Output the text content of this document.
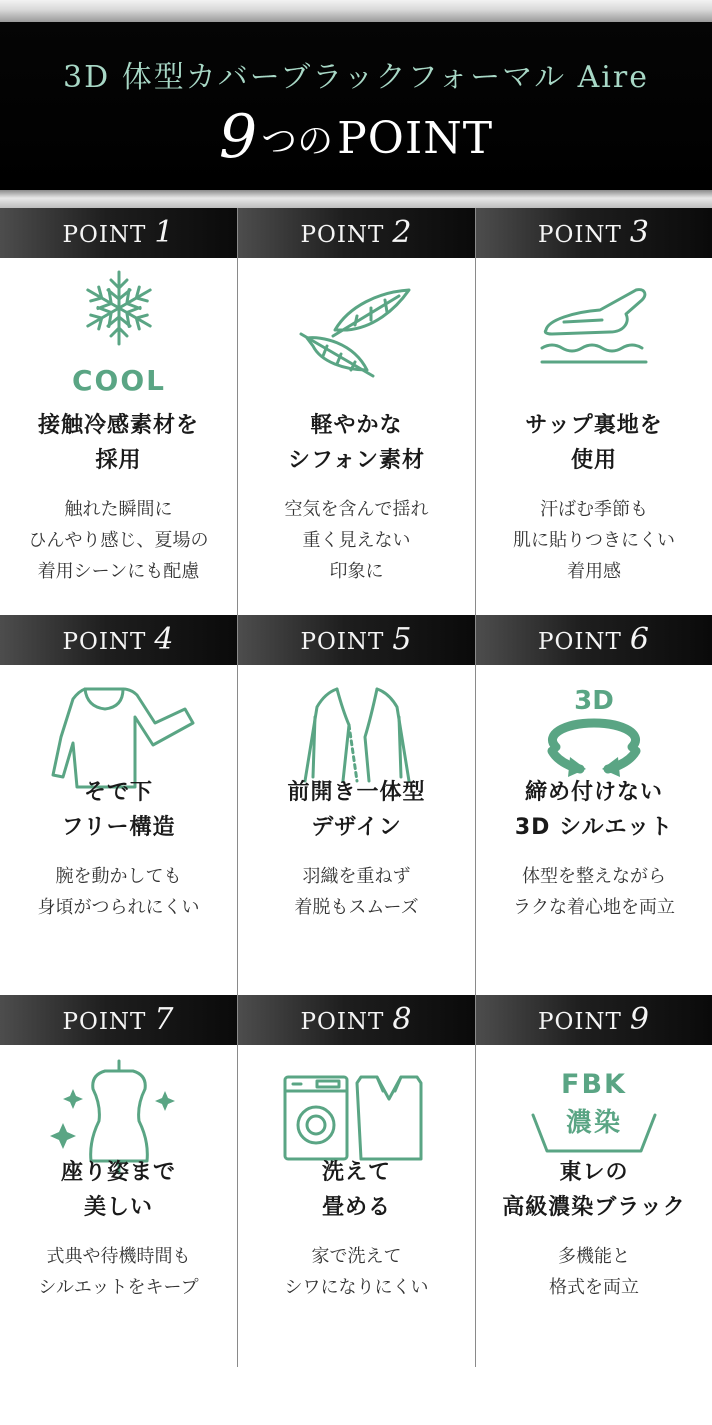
3D 体型カバーブラックフォーマル Aire
9 つのPOINT
POINT 1
COOL
接触冷感素材を
採用
触れた瞬間に
ひんやり感じ、夏場の
着用シーンにも配慮
POINT 2
軽やかな
シフォン素材
空気を含んで揺れ
重く見えない
印象に
POINT 3
サップ裏地を
使用
汗ばむ季節も
肌に貼りつきにくい
着用感
POINT 4
そで下
フリー構造
腕を動かしても
身頃がつられにくい
POINT 5
前開き一体型
デザイン
羽織を重ねず
着脱もスムーズ
POINT 6
3D
締め付けない
3D シルエット
体型を整えながら
ラクな着心地を両立
POINT 7
座り姿まで
美しい
式典や待機時間も
シルエットをキープ
POINT 8
洗えて
畳める
家で洗えて
シワになりにくい
POINT 9
FBK
濃染
東レの
高級濃染ブラック
多機能と
格式を両立
